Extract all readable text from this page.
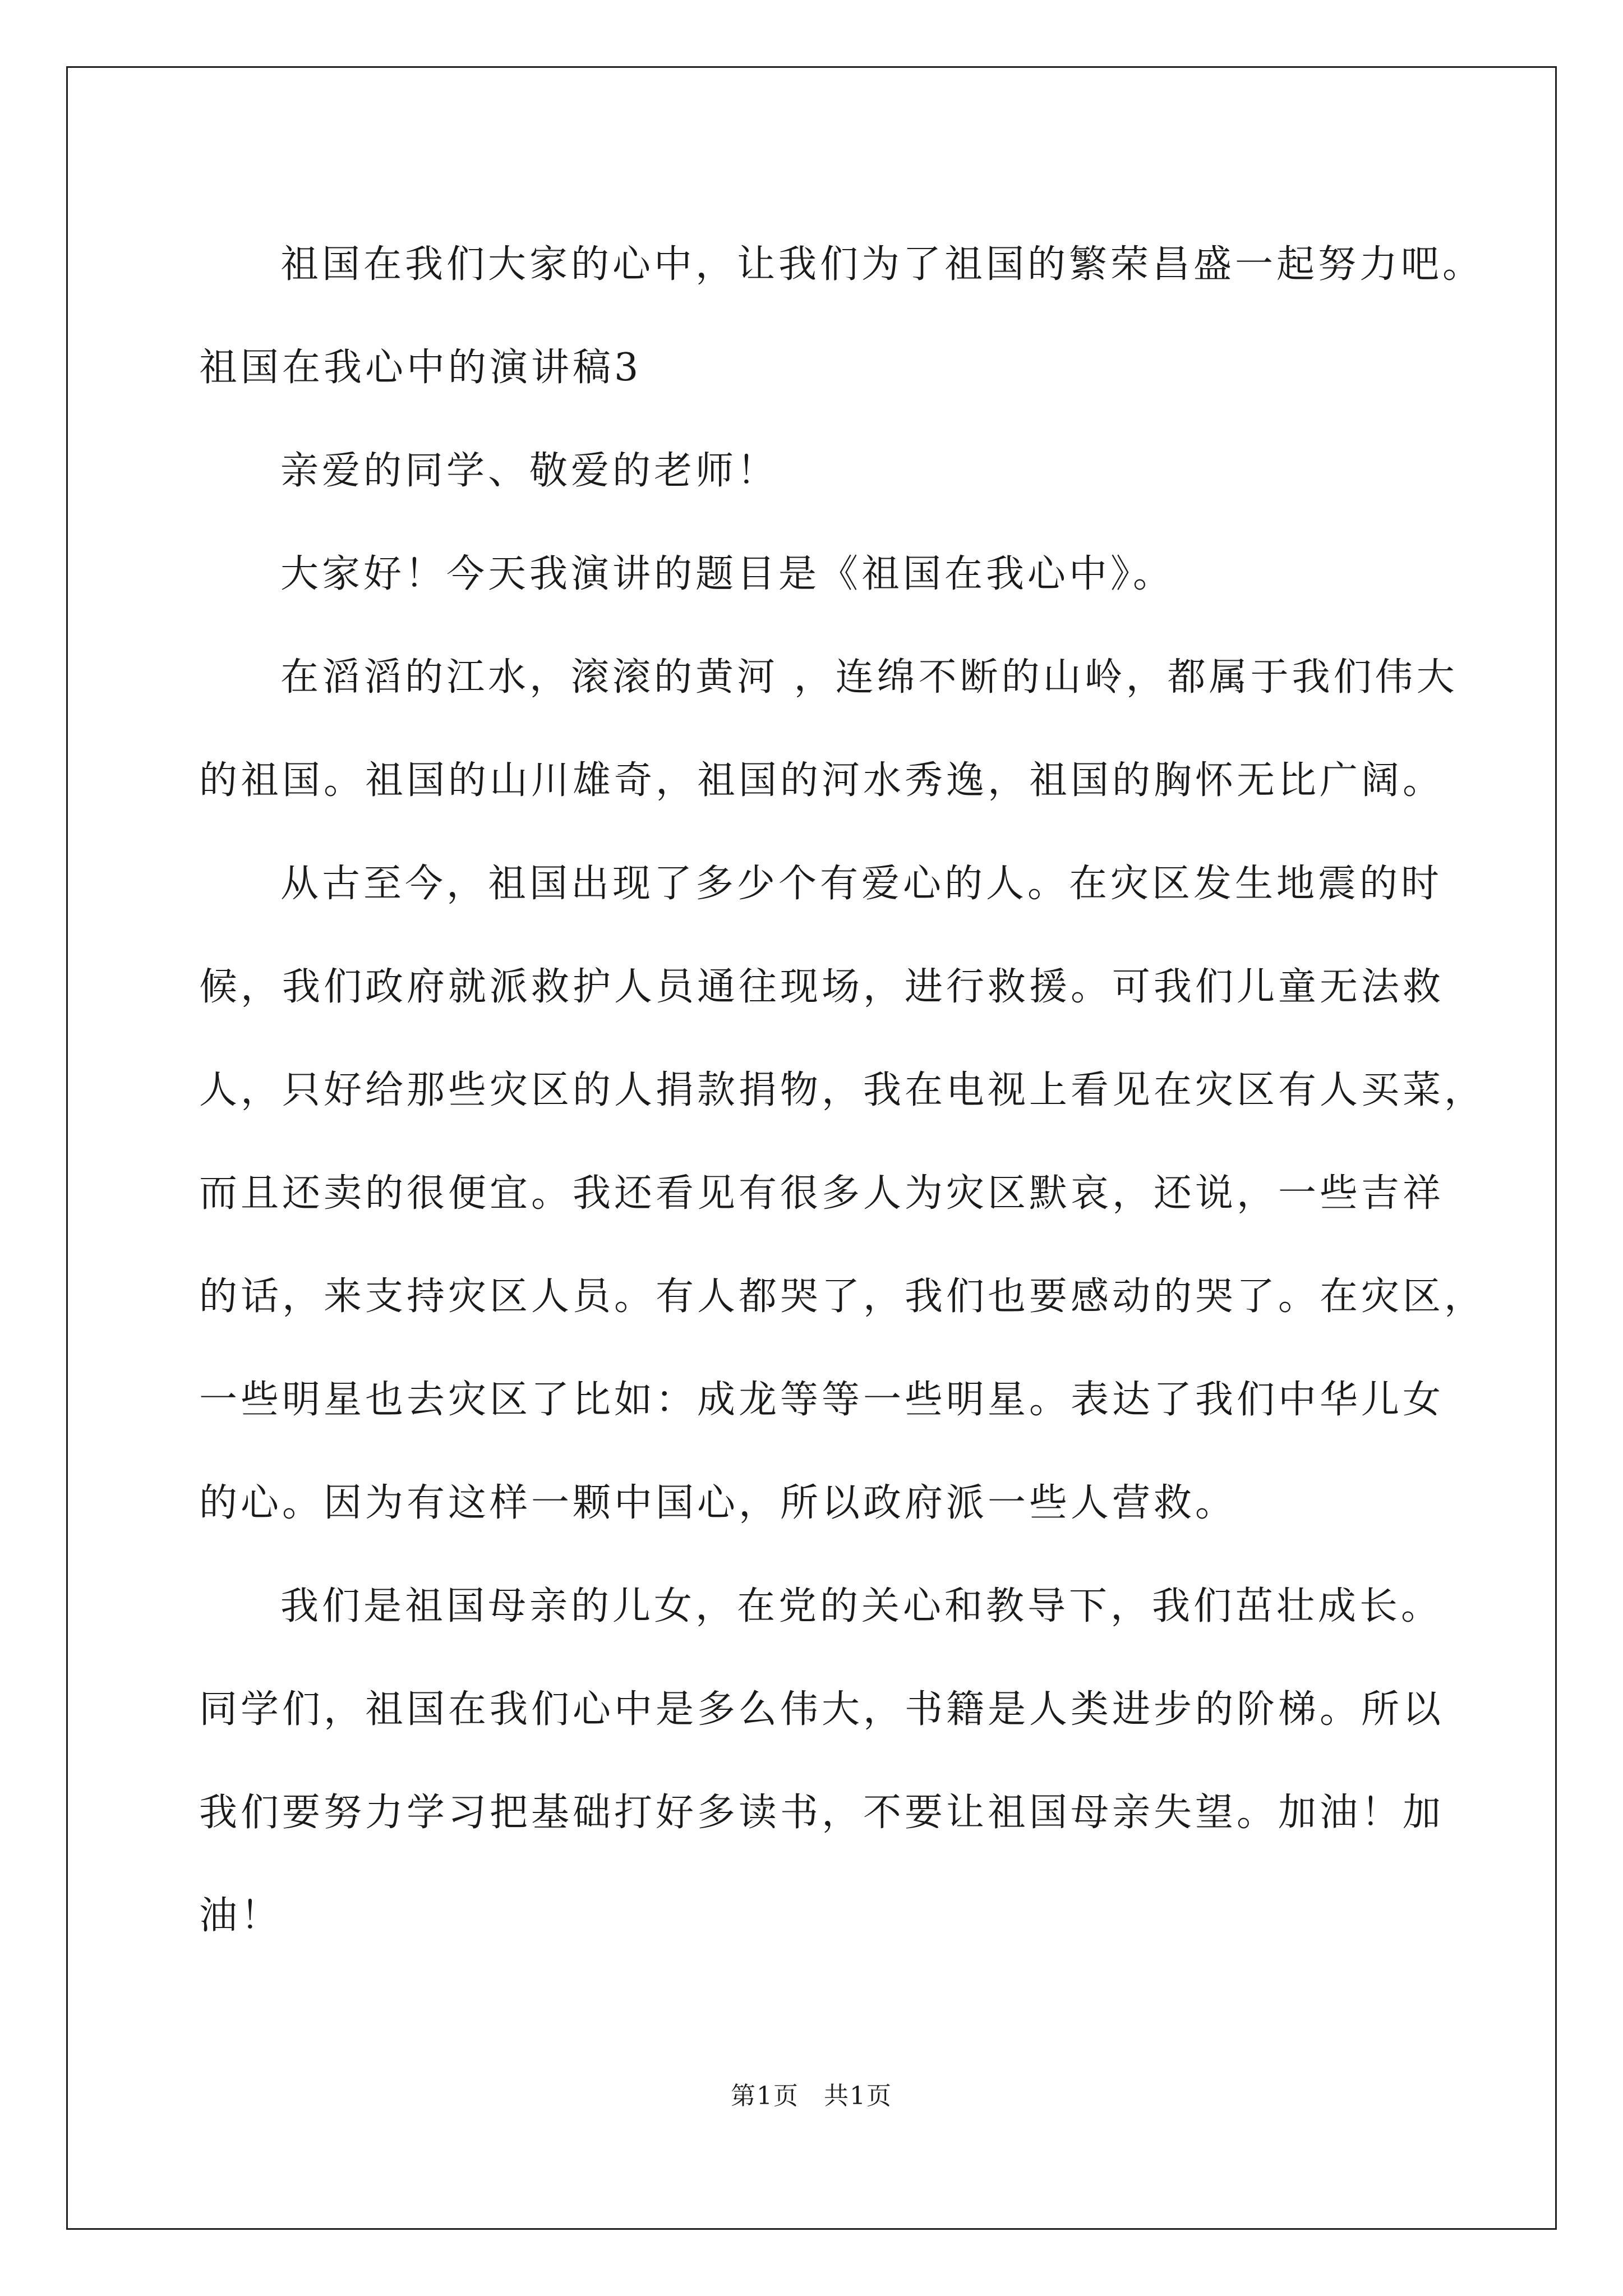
祖国在我们大家的心中，让我们为了祖国的繁荣昌盛一起努力吧。
祖国在我心中的演讲稿3
亲爱的同学、敬爱的老师！
大家好！今天我演讲的题目是《祖国在我心中》。
在滔滔的江水，滚滚的黄河 ，连绵不断的山岭，都属于我们伟大
的祖国。祖国的山川雄奇，祖国的河水秀逸，祖国的胸怀无比广阔。
从古至今，祖国出现了多少个有爱心的人。在灾区发生地震的时
候，我们政府就派救护人员通往现场，进行救援。可我们儿童无法救
人，只好给那些灾区的人捐款捐物，我在电视上看见在灾区有人买菜，
而且还卖的很便宜。我还看见有很多人为灾区默哀，还说，一些吉祥
的话，来支持灾区人员。有人都哭了，我们也要感动的哭了。在灾区，
一些明星也去灾区了比如：成龙等等一些明星。表达了我们中华儿女
的心。因为有这样一颗中国心，所以政府派一些人营救。
我们是祖国母亲的儿女，在党的关心和教导下，我们茁壮成长。
同学们，祖国在我们心中是多么伟大，书籍是人类进步的阶梯。所以
我们要努力学习把基础打好多读书，不要让祖国母亲失望。加油！加
油！
第1页 共1页
